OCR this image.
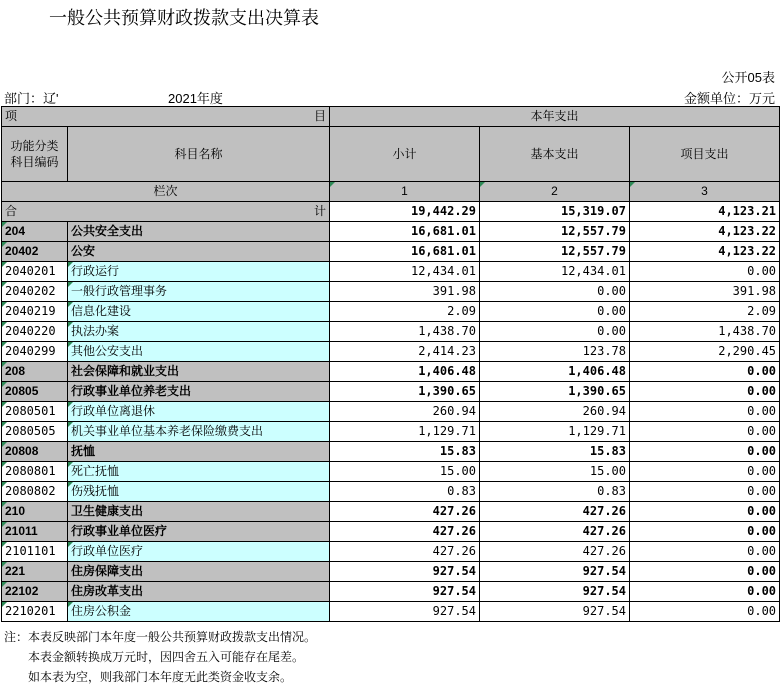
一般公共预算财政拨款支出决算表
公开05表
部门：辽'	2021年度	金额单位：万元
项 目		本年支出		
功能分类
科目编码	科目名称	小计	基本支出	项目支出
栏次		1	2	3
合 计		19,442.29	15,319.07	4,123.21
204	公共安全支出	16,681.01	12,557.79	4,123.22
20402	公安	16,681.01	12,557.79	4,123.22
2040201	行政运行	12,434.01	12,434.01	0.00
2040202	一般行政管理事务	391.98	0.00	391.98
2040219	信息化建设	2.09	0.00	2.09
2040220	执法办案	1,438.70	0.00	1,438.70
2040299	其他公安支出	2,414.23	123.78	2,290.45
208	社会保障和就业支出	1,406.48	1,406.48	0.00
20805	行政事业单位养老支出	1,390.65	1,390.65	0.00
2080501	行政单位离退休	260.94	260.94	0.00
2080505	机关事业单位基本养老保险缴费支出	1,129.71	1,129.71	0.00
20808	抚恤	15.83	15.83	0.00
2080801	死亡抚恤	15.00	15.00	0.00
2080802	伤残抚恤	0.83	0.83	0.00
210	卫生健康支出	427.26	427.26	0.00
21011	行政事业单位医疗	427.26	427.26	0.00
2101101	行政单位医疗	427.26	427.26	0.00
221	住房保障支出	927.54	927.54	0.00
22102	住房改革支出	927.54	927.54	0.00
2210201	住房公积金	927.54	927.54	0.00
注：本表反映部门本年度一般公共预算财政拨款支出情况。
　　本表金额转换成万元时，因四舍五入可能存在尾差。
　　如本表为空，则我部门本年度无此类资金收支余。
